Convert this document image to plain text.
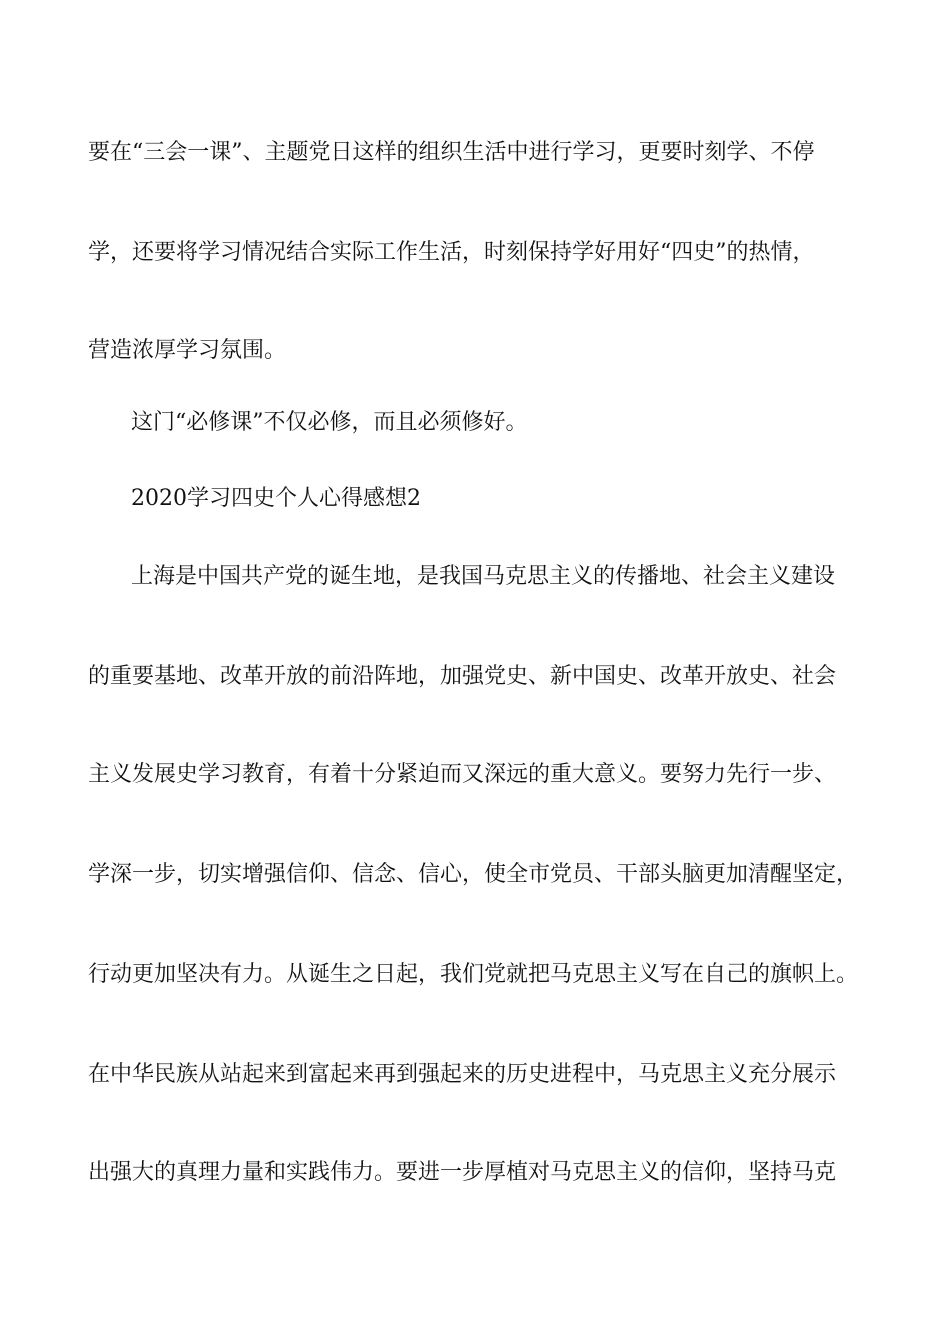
要在“三会一课”、主题党日这样的组织生活中进行学习，更要时刻学、不停
学，还要将学习情况结合实际工作生活，时刻保持学好用好“四史”的热情，
营造浓厚学习氛围。
这门“必修课”不仅必修，而且必须修好。
2020学习四史个人心得感想2
上海是中国共产党的诞生地，是我国马克思主义的传播地、社会主义建设
的重要基地、改革开放的前沿阵地，加强党史、新中国史、改革开放史、社会
主义发展史学习教育，有着十分紧迫而又深远的重大意义。要努力先行一步、
学深一步，切实增强信仰、信念、信心，使全市党员、干部头脑更加清醒坚定，
行动更加坚决有力。从诞生之日起，我们党就把马克思主义写在自己的旗帜上。
在中华民族从站起来到富起来再到强起来的历史进程中，马克思主义充分展示
出强大的真理力量和实践伟力。要进一步厚植对马克思主义的信仰，坚持马克
